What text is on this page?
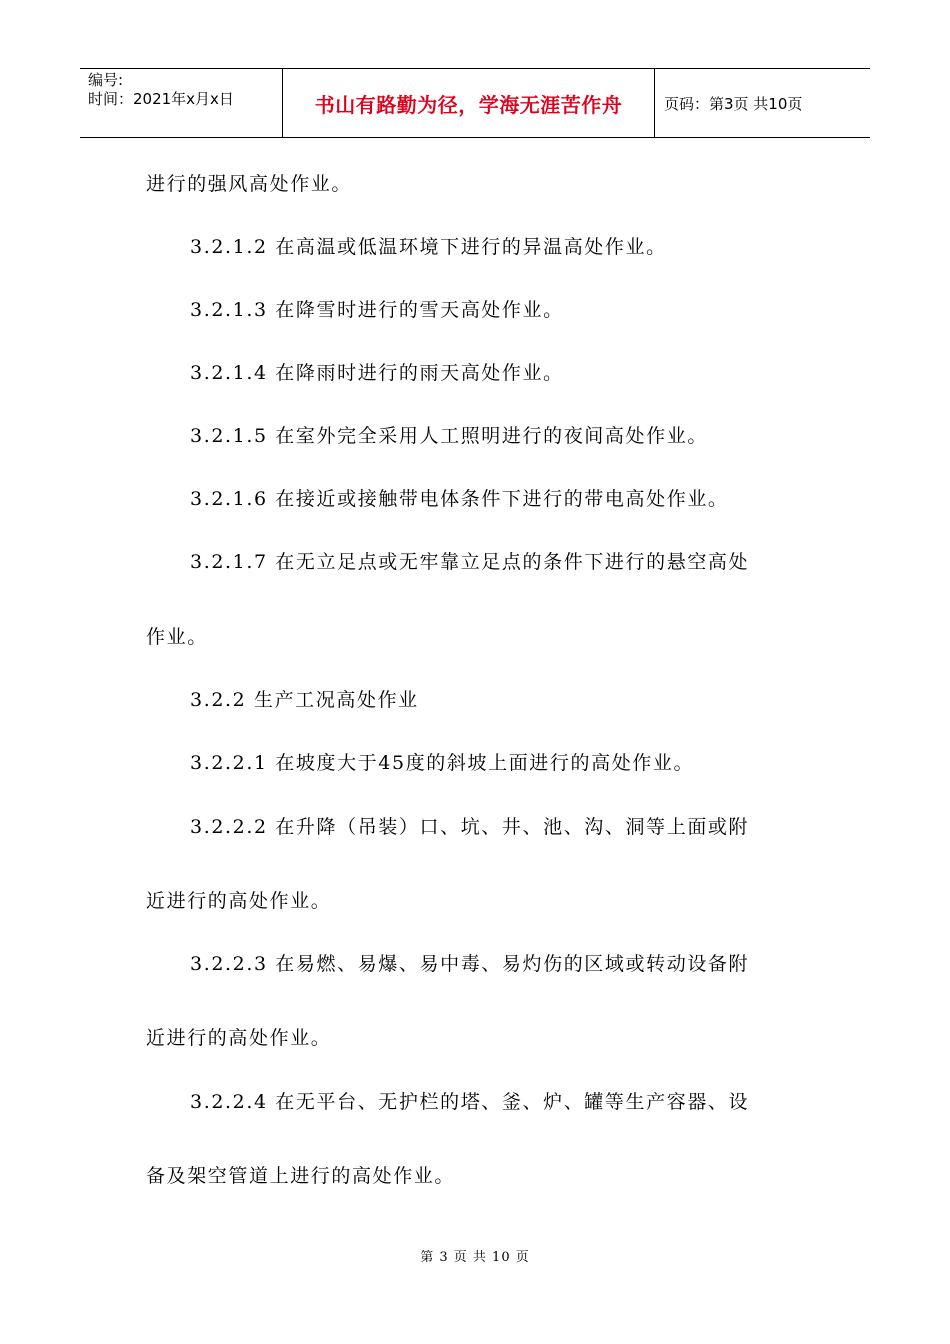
编号:
时间：2021年x月x日	书山有路勤为径，学海无涯苦作舟	页码：第3页 共10页
进行的强风高处作业。
3.2.1.2 在高温或低温环境下进行的异温高处作业。
3.2.1.3 在降雪时进行的雪天高处作业。
3.2.1.4 在降雨时进行的雨天高处作业。
3.2.1.5 在室外完全采用人工照明进行的夜间高处作业。
3.2.1.6 在接近或接触带电体条件下进行的带电高处作业。
3.2.1.7 在无立足点或无牢靠立足点的条件下进行的悬空高处
作业。
3.2.2 生产工况高处作业
3.2.2.1 在坡度大于45度的斜坡上面进行的高处作业。
3.2.2.2 在升降（吊装）口、坑、井、池、沟、洞等上面或附
近进行的高处作业。
3.2.2.3 在易燃、易爆、易中毒、易灼伤的区域或转动设备附
近进行的高处作业。
3.2.2.4 在无平台、无护栏的塔、釜、炉、罐等生产容器、设
备及架空管道上进行的高处作业。
第 3 页 共 10 页
